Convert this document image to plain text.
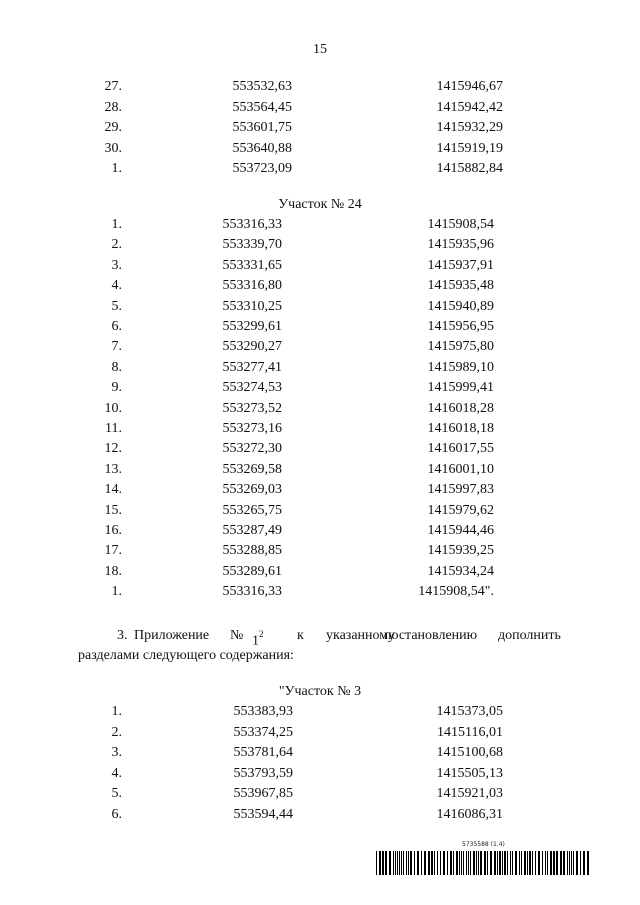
15
27.	553532,63	1415946,67
28.	553564,45	1415942,42
29.	553601,75	1415932,29
30.	553640,88	1415919,19
1.	553723,09	1415882,84
Участок № 24
1.	553316,33	1415908,54
2.	553339,70	1415935,96
3.	553331,65	1415937,91
4.	553316,80	1415935,48
5.	553310,25	1415940,89
6.	553299,61	1415956,95
7.	553290,27	1415975,80
8.	553277,41	1415989,10
9.	553274,53	1415999,41
10.	553273,52	1416018,28
11.	553273,16	1416018,18
12.	553272,30	1416017,55
13.	553269,58	1416001,10
14.	553269,03	1415997,83
15.	553265,75	1415979,62
16.	553287,49	1415944,46
17.	553288,85	1415939,25
18.	553289,61	1415934,24
1.	553316,33	1415908,54".
3. Приложение № $1^2$ к указанному
постановлению дополнить
разделами следующего содержания:
"Участок № 3
1.	553383,93	1415373,05
2.	553374,25	1415116,01
3.	553781,64	1415100,68
4.	553793,59	1415505,13
5.	553967,85	1415921,03
6.	553594,44	1416086,31
5735588 (1.4)
